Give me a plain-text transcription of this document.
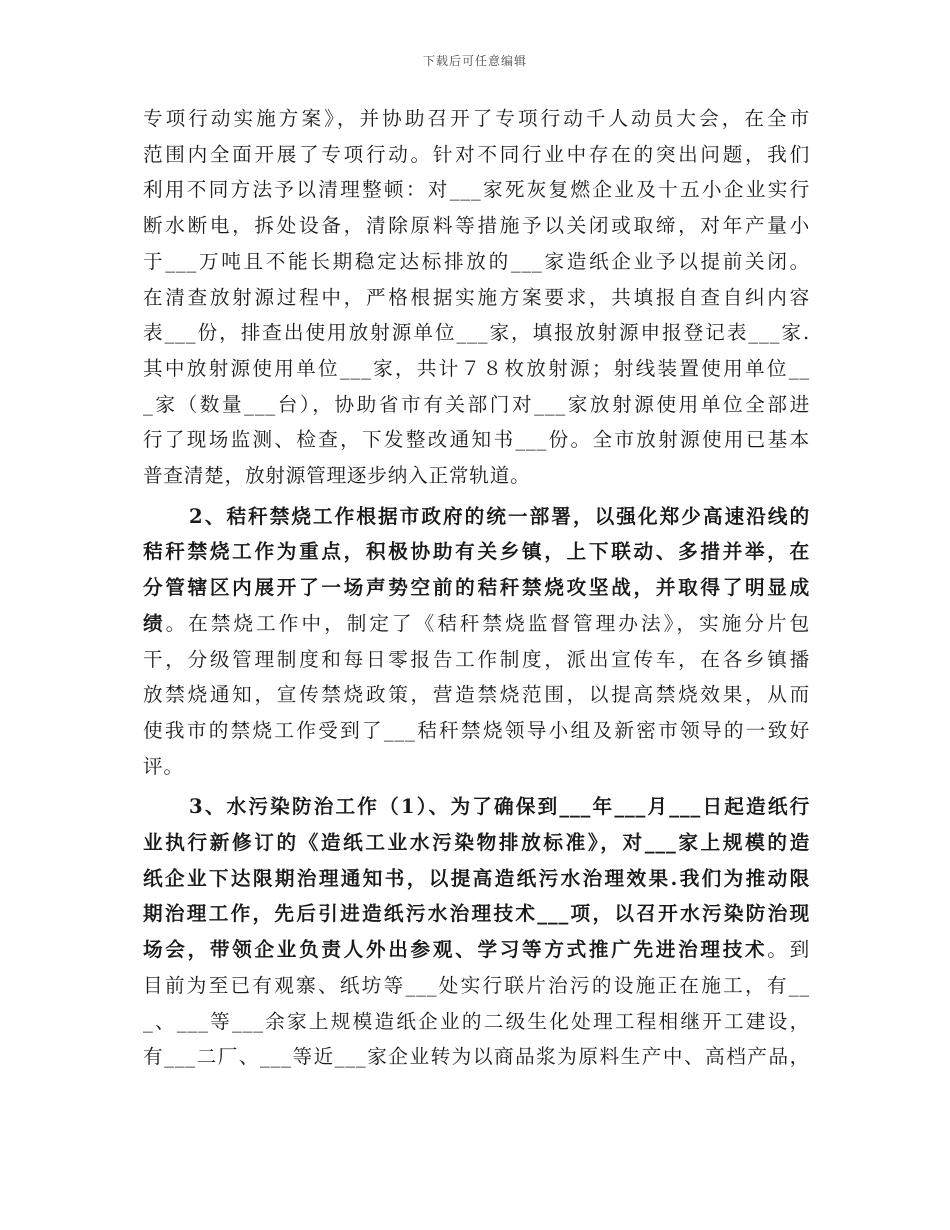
下载后可任意编辑
专项行动实施方案》，并协助召开了专项行动千人动员大会，在全市
范围内全面开展了专项行动。针对不同行业中存在的突出问题，我们
利用不同方法予以清理整顿：对___家死灰复燃企业及十五小企业实行
断水断电，拆处设备，清除原料等措施予以关闭或取缔，对年产量小
于___万吨且不能长期稳定达标排放的___家造纸企业予以提前关闭。
在清查放射源过程中，严格根据实施方案要求，共填报自查自纠内容
表___份，排查出使用放射源单位___家，填报放射源申报登记表___家.
其中放射源使用单位___家，共计７８枚放射源；射线装置使用单位__
_家（数量___台），协助省市有关部门对___家放射源使用单位全部进
行了现场监测、检查，下发整改通知书___份。全市放射源使用已基本
普查清楚，放射源管理逐步纳入正常轨道。
2、秸秆禁烧工作根据市政府的统一部署，以强化郑少高速沿线的
秸秆禁烧工作为重点，积极协助有关乡镇，上下联动、多措并举，在
分管辖区内展开了一场声势空前的秸秆禁烧攻坚战，并取得了明显成
绩。在禁烧工作中，制定了《秸秆禁烧监督管理办法》，实施分片包
干，分级管理制度和每日零报告工作制度，派出宣传车，在各乡镇播
放禁烧通知，宣传禁烧政策，营造禁烧范围，以提高禁烧效果，从而
使我市的禁烧工作受到了___秸秆禁烧领导小组及新密市领导的一致好
评。
3、水污染防治工作（1）、为了确保到___年___月___日起造纸行
业执行新修订的《造纸工业水污染物排放标准》，对___家上规模的造
纸企业下达限期治理通知书，以提高造纸污水治理效果.我们为推动限
期治理工作，先后引进造纸污水治理技术___项，以召开水污染防治现
场会，带领企业负责人外出参观、学习等方式推广先进治理技术。到
目前为至已有观寨、纸坊等___处实行联片治污的设施正在施工，有__
_、___等___余家上规模造纸企业的二级生化处理工程相继开工建设，
有___二厂、___等近___家企业转为以商品浆为原料生产中、高档产品，
